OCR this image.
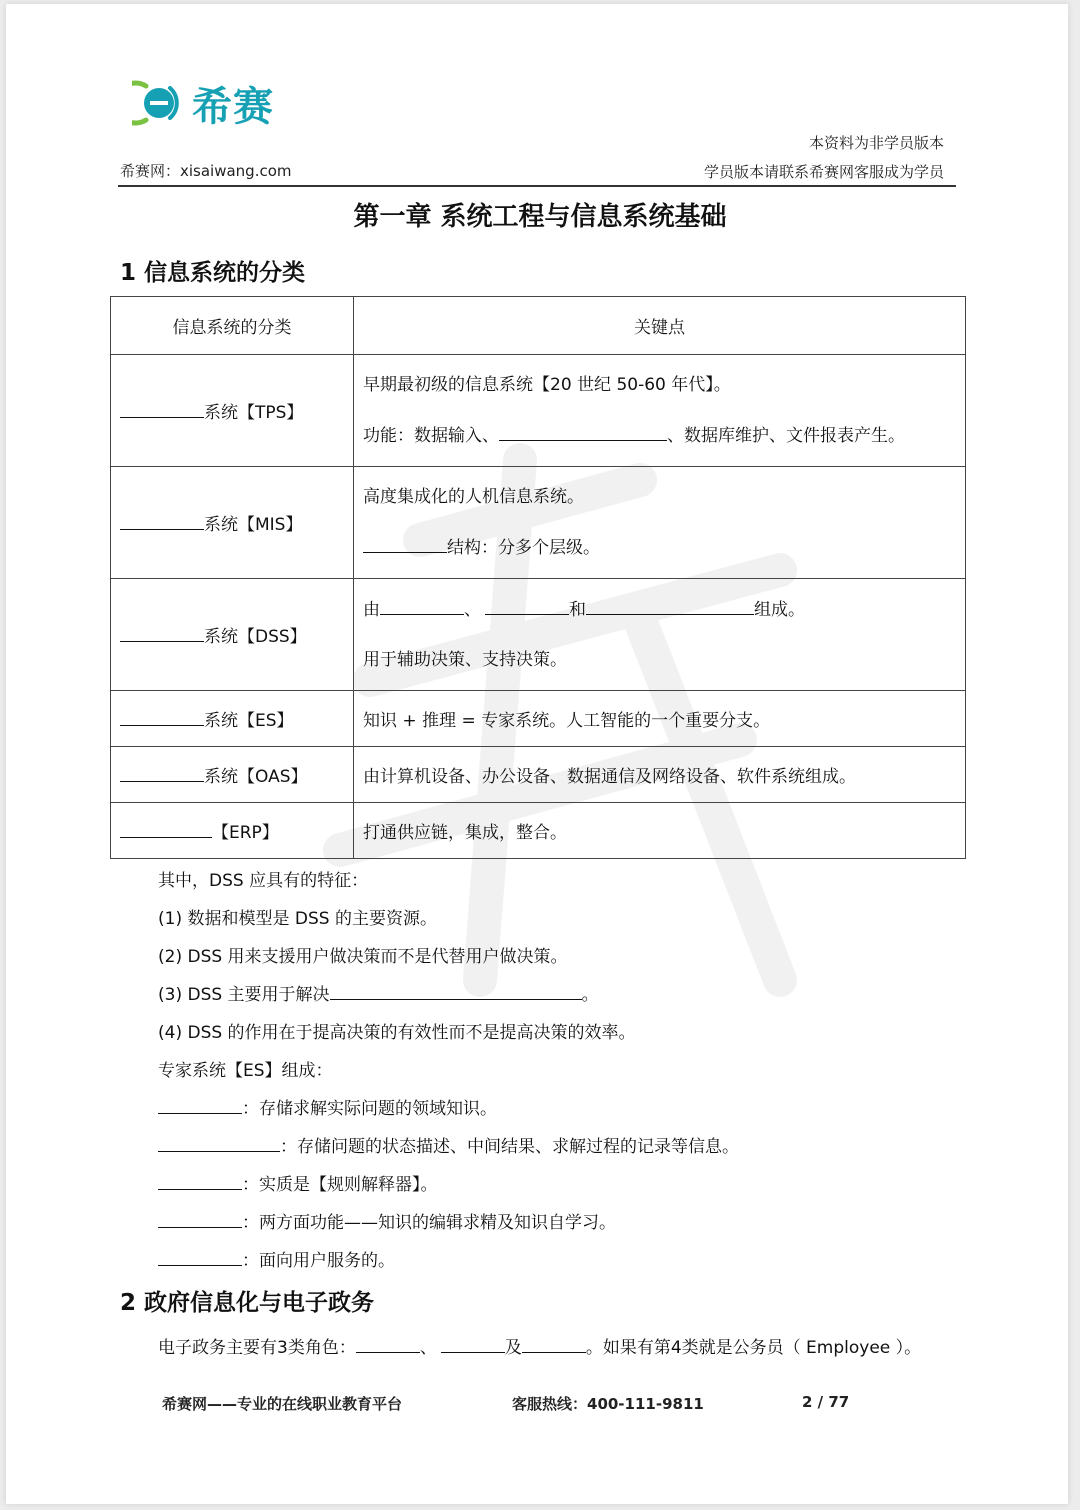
希赛
本资料为非学员版本
学员版本请联系希赛网客服成为学员
希赛网：xisaiwang.com
第一章 系统工程与信息系统基础
1 信息系统的分类
信息系统的分类	关键点
系统【TPS】	早期最初级的信息系统【20 世纪 50-60 年代】。

功能：数据输入、 、数据库维护、文件报表产生。

系统【MIS】	高度集成化的人机信息系统。

结构：分多个层级。

系统【DSS】	由 、 和 组成。

用于辅助决策、支持决策。

系统【ES】	知识 + 推理 = 专家系统。人工智能的一个重要分支。
系统【OAS】	由计算机设备、办公设备、数据通信及网络设备、软件系统组成。
【ERP】	打通供应链，集成，整合。
其中，DSS 应具有的特征：
(1) 数据和模型是 DSS 的主要资源。
(2) DSS 用来支援用户做决策而不是代替用户做决策。
(3) DSS 主要用于解决	。
(4) DSS 的作用在于提高决策的有效性而不是提高决策的效率。
专家系统【ES】组成：
：存储求解实际问题的领域知识。
：存储问题的状态描述、中间结果、求解过程的记录等信息。
：实质是【规则解释器】。
：两方面功能——知识的编辑求精及知识自学习。
：面向用户服务的。
2 政府信息化与电子政务
电子政务主要有3类角色：	、	及	。如果有第4类就是公务员（ Employee ）。
希赛网——专业的在线职业教育平台	客服热线：400-111-9811	2 / 77
